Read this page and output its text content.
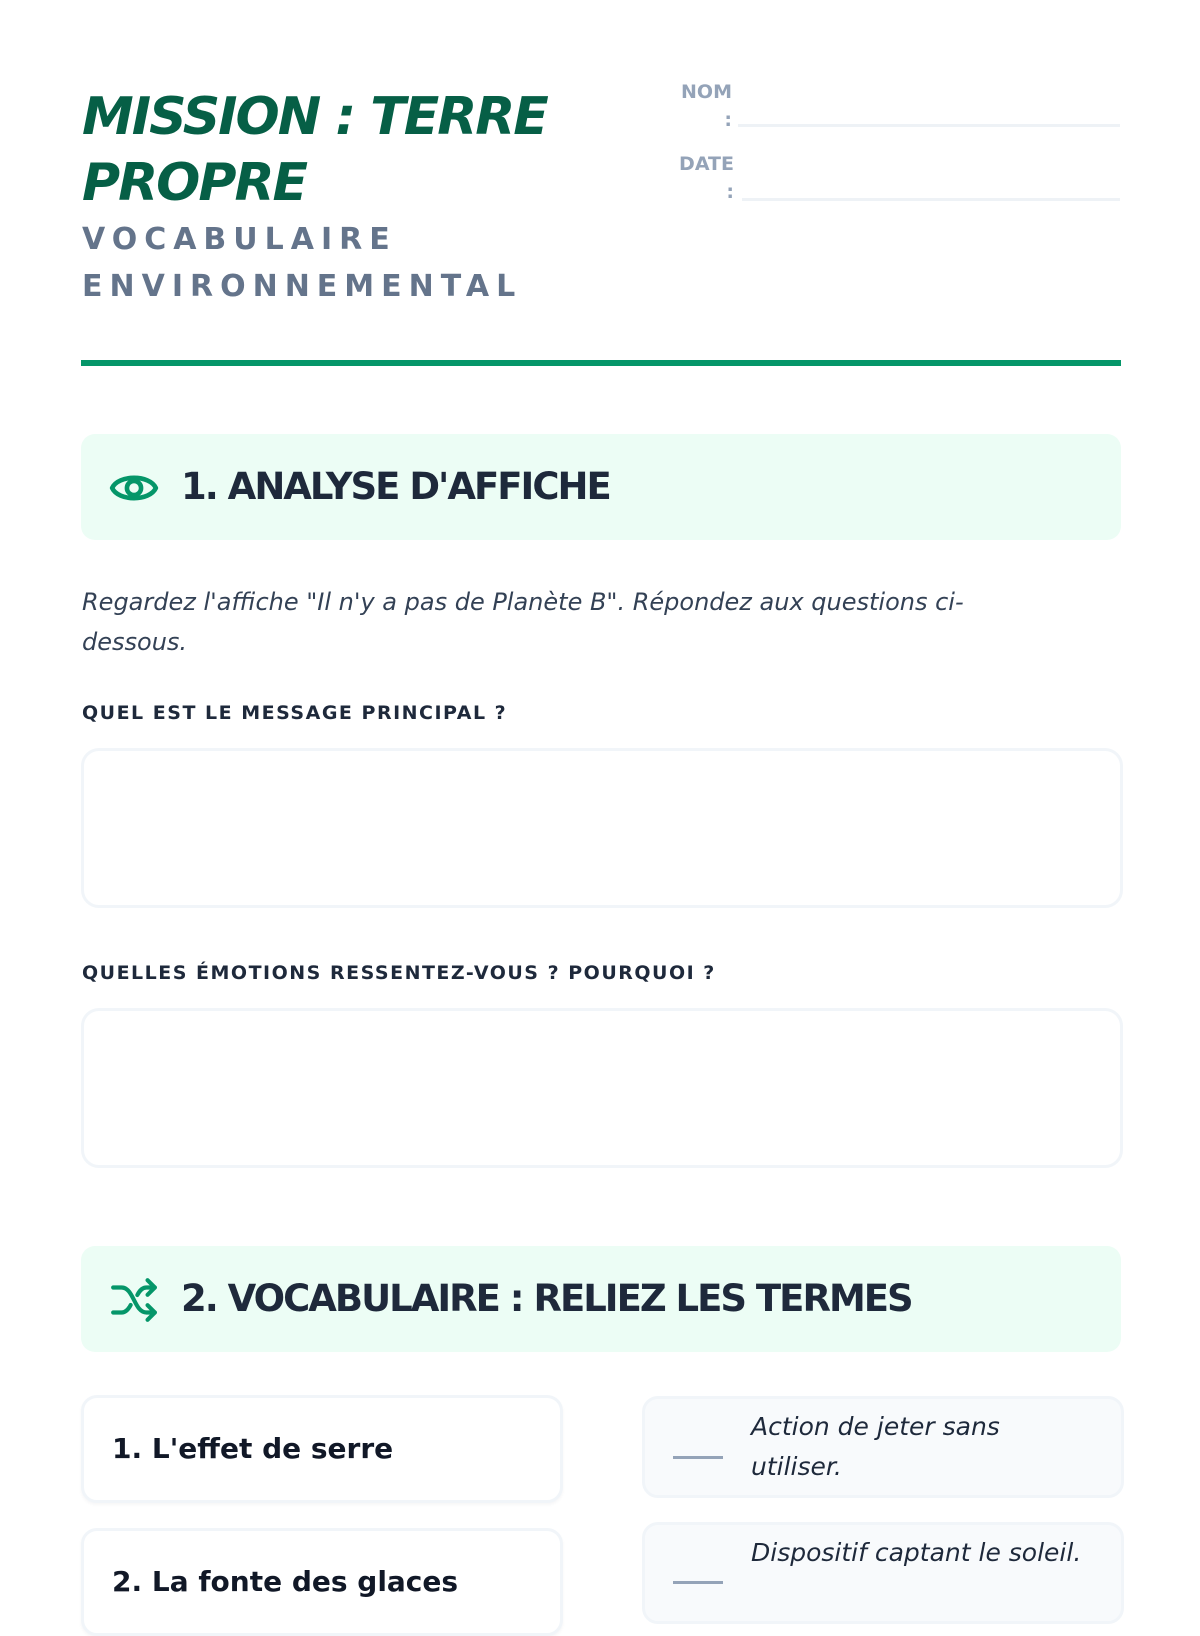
MISSION : TERRE PROPRE
VOCABULAIRE ENVIRONNEMENTAL
NOM :
DATE :
1. ANALYSE D'AFFICHE

Regardez l'affiche "Il n'y a pas de Planète B". Répondez aux questions ci-dessous.

QUEL EST LE MESSAGE PRINCIPAL ?
QUELLES ÉMOTIONS RESSENTEZ-VOUS ? POURQUOI ?
2. VOCABULAIRE : RELIEZ LES TERMES
1. L'effet de serre
2. La fonte des glaces

Action de jeter sans utiliser.

Dispositif captant le soleil.
